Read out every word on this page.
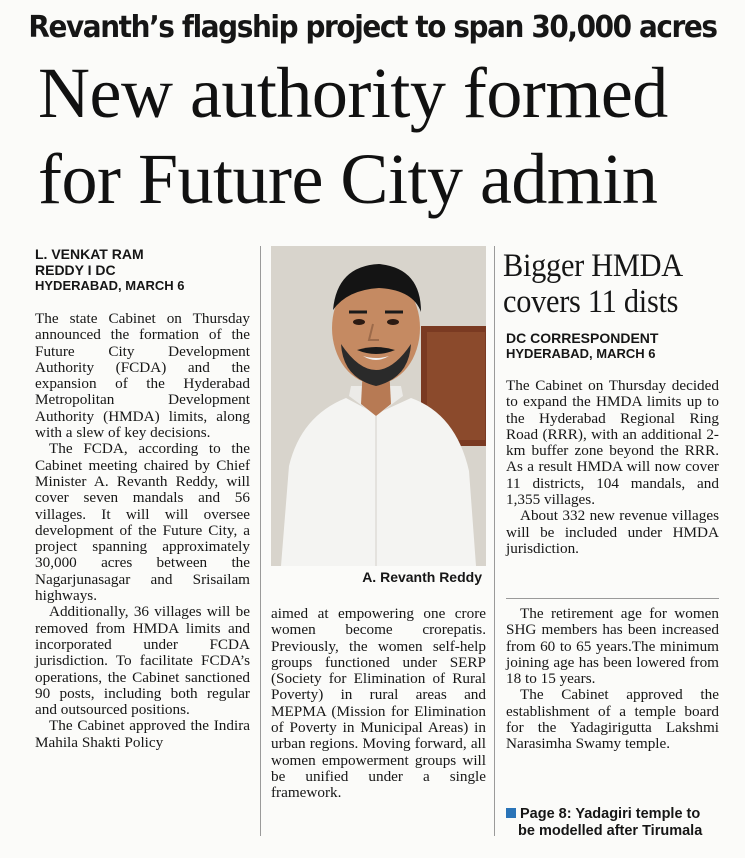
Revanth’s flagship project to span 30,000 acres
New authority formed
for Future City admin
L. VENKAT RAM
REDDY I DC
HYDERABAD, MARCH 6

The state Cabinet on Thursday announced the formation of the Future City Development Authority (FCDA) and the expansion of the Hyderabad Metropolitan Development Authority (HMDA) limits, along with a slew of key decisions.

The FCDA, according to the Cabinet meeting chaired by Chief Minister A. Revanth Reddy, will cover seven mandals and 56 villages. It will will oversee development of the Future City, a project spanning approximately 30,000 acres between the Nagarjunasagar and Srisailam highways.

Additionally, 36 villages will be removed from HMDA limits and incorporated under FCDA jurisdiction. To facilitate FCDA’s operations, the Cabinet sanctioned 90 posts, including both regular and outsourced positions.

The Cabinet approved the Indira Mahila Shakti Policy

A. Revanth Reddy

aimed at empowering one crore women become crorepatis. Previously, the women self-help groups functioned under SERP (Society for Elimination of Rural Poverty) in rural areas and MEPMA (Mission for Elimination of Poverty in Municipal Areas) in urban regions. Moving forward, all women empowerment groups will be unified under a single framework.

Bigger HMDA
covers 11 dists
DC CORRESPONDENT
HYDERABAD, MARCH 6

The Cabinet on Thursday decided to expand the HMDA limits up to the Hyderabad Regional Ring Road (RRR), with an additional 2-km buffer zone beyond the RRR. As a result HMDA will now cover 11 districts, 104 mandals, and 1,355 villages.

About 332 new revenue villages will be included under HMDA jurisdiction.

The retirement age for women SHG members has been increased from 60 to 65 years.The minimum joining age has been lowered from 18 to 15 years.

The Cabinet approved the establishment of a temple board for the Yadagirigutta Lakshmi Narasimha Swamy temple.

Page 8: Yadagiri temple to
be modelled after Tirumala
